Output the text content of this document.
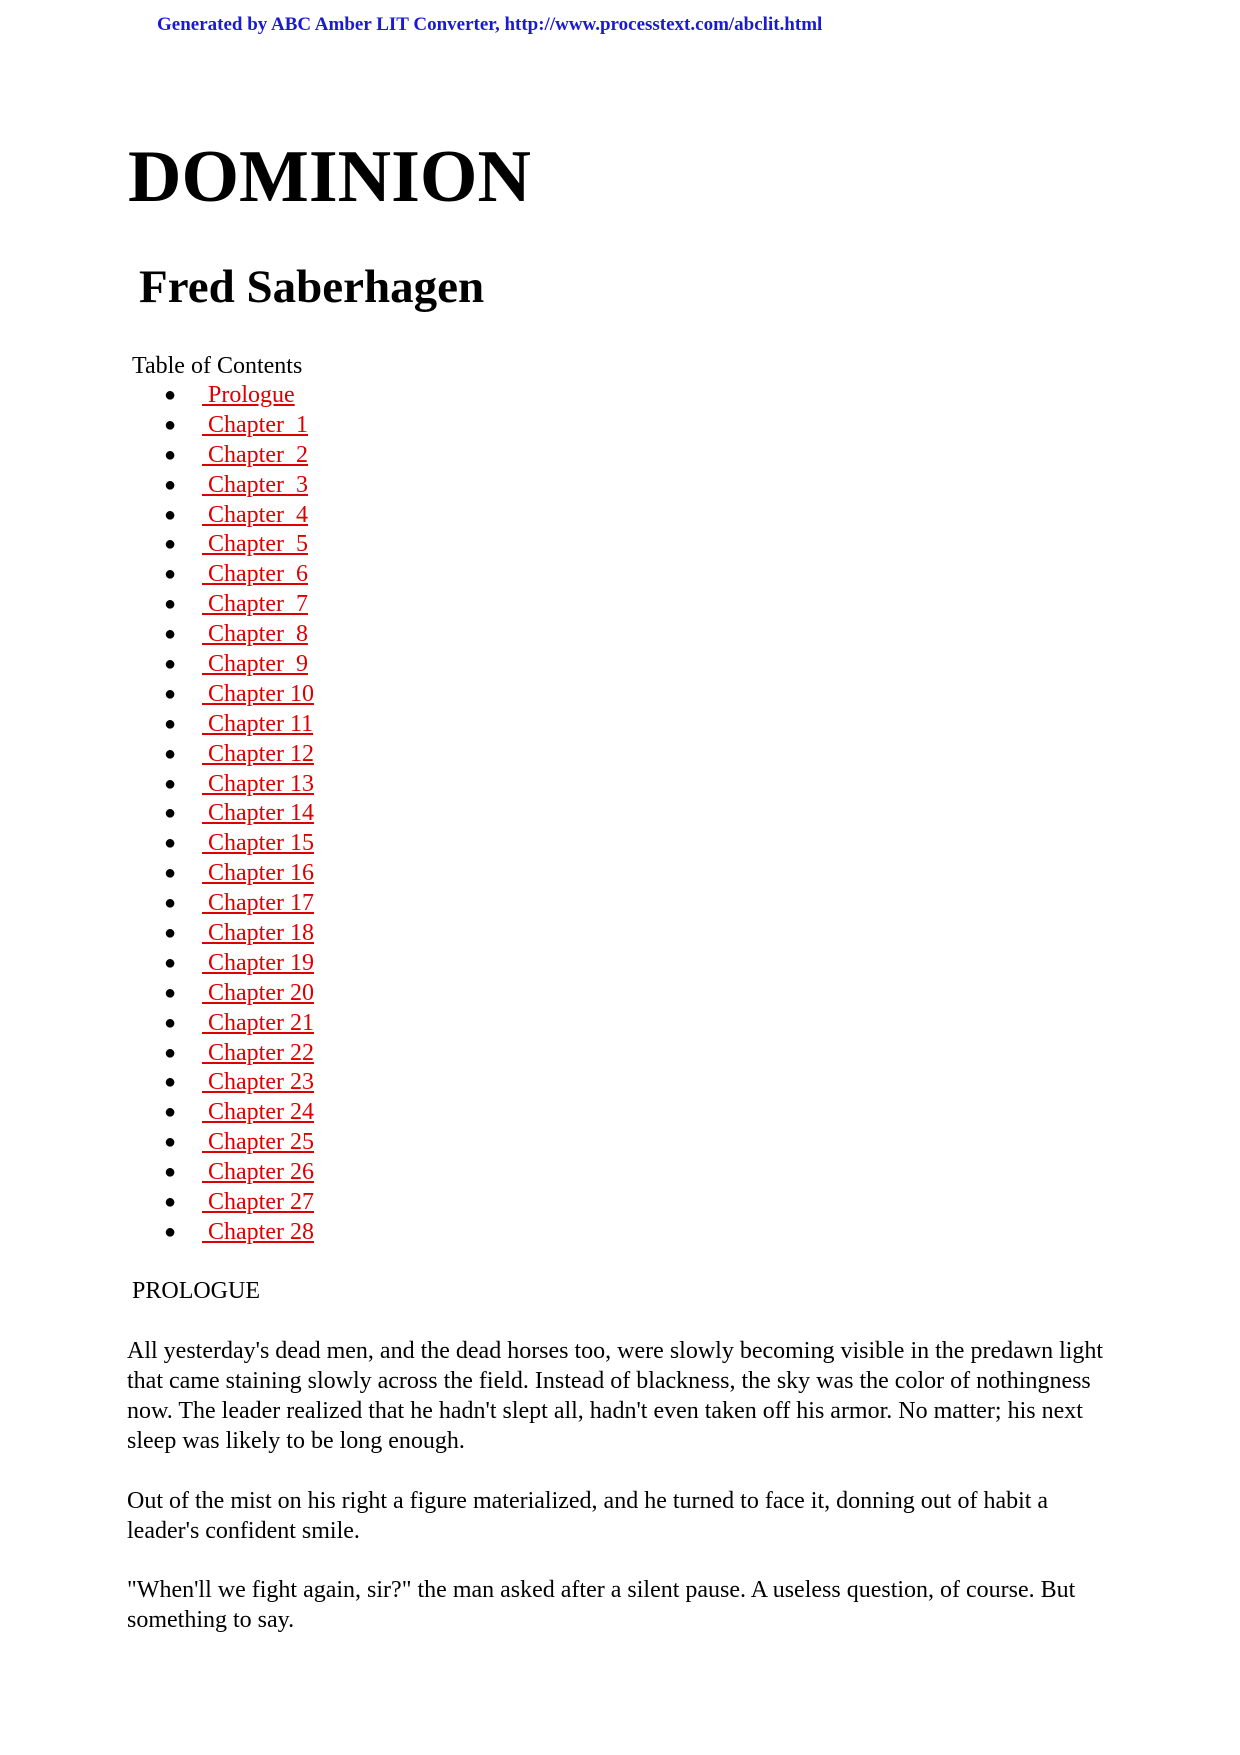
Generated by ABC Amber LIT Converter, http://www.processtext.com/abclit.html
DOMINION
Fred Saberhagen
Table of Contents
● Prologue
● Chapter  1
● Chapter  2
● Chapter  3
● Chapter  4
● Chapter  5
● Chapter  6
● Chapter  7
● Chapter  8
● Chapter  9
● Chapter 10
● Chapter 11
● Chapter 12
● Chapter 13
● Chapter 14
● Chapter 15
● Chapter 16
● Chapter 17
● Chapter 18
● Chapter 19
● Chapter 20
● Chapter 21
● Chapter 22
● Chapter 23
● Chapter 24
● Chapter 25
● Chapter 26
● Chapter 27
● Chapter 28
PROLOGUE

All yesterday's dead men, and the dead horses too, were slowly becoming visible in the predawn light that came staining slowly across the field. Instead of blackness, the sky was the color of nothingness now. The leader realized that he hadn't slept all, hadn't even taken off his armor. No matter; his next sleep was likely to be long enough.

Out of the mist on his right a figure materialized, and he turned to face it, donning out of habit a leader's confident smile.

"When'll we fight again, sir?" the man asked after a silent pause. A useless question, of course. But something to say.
